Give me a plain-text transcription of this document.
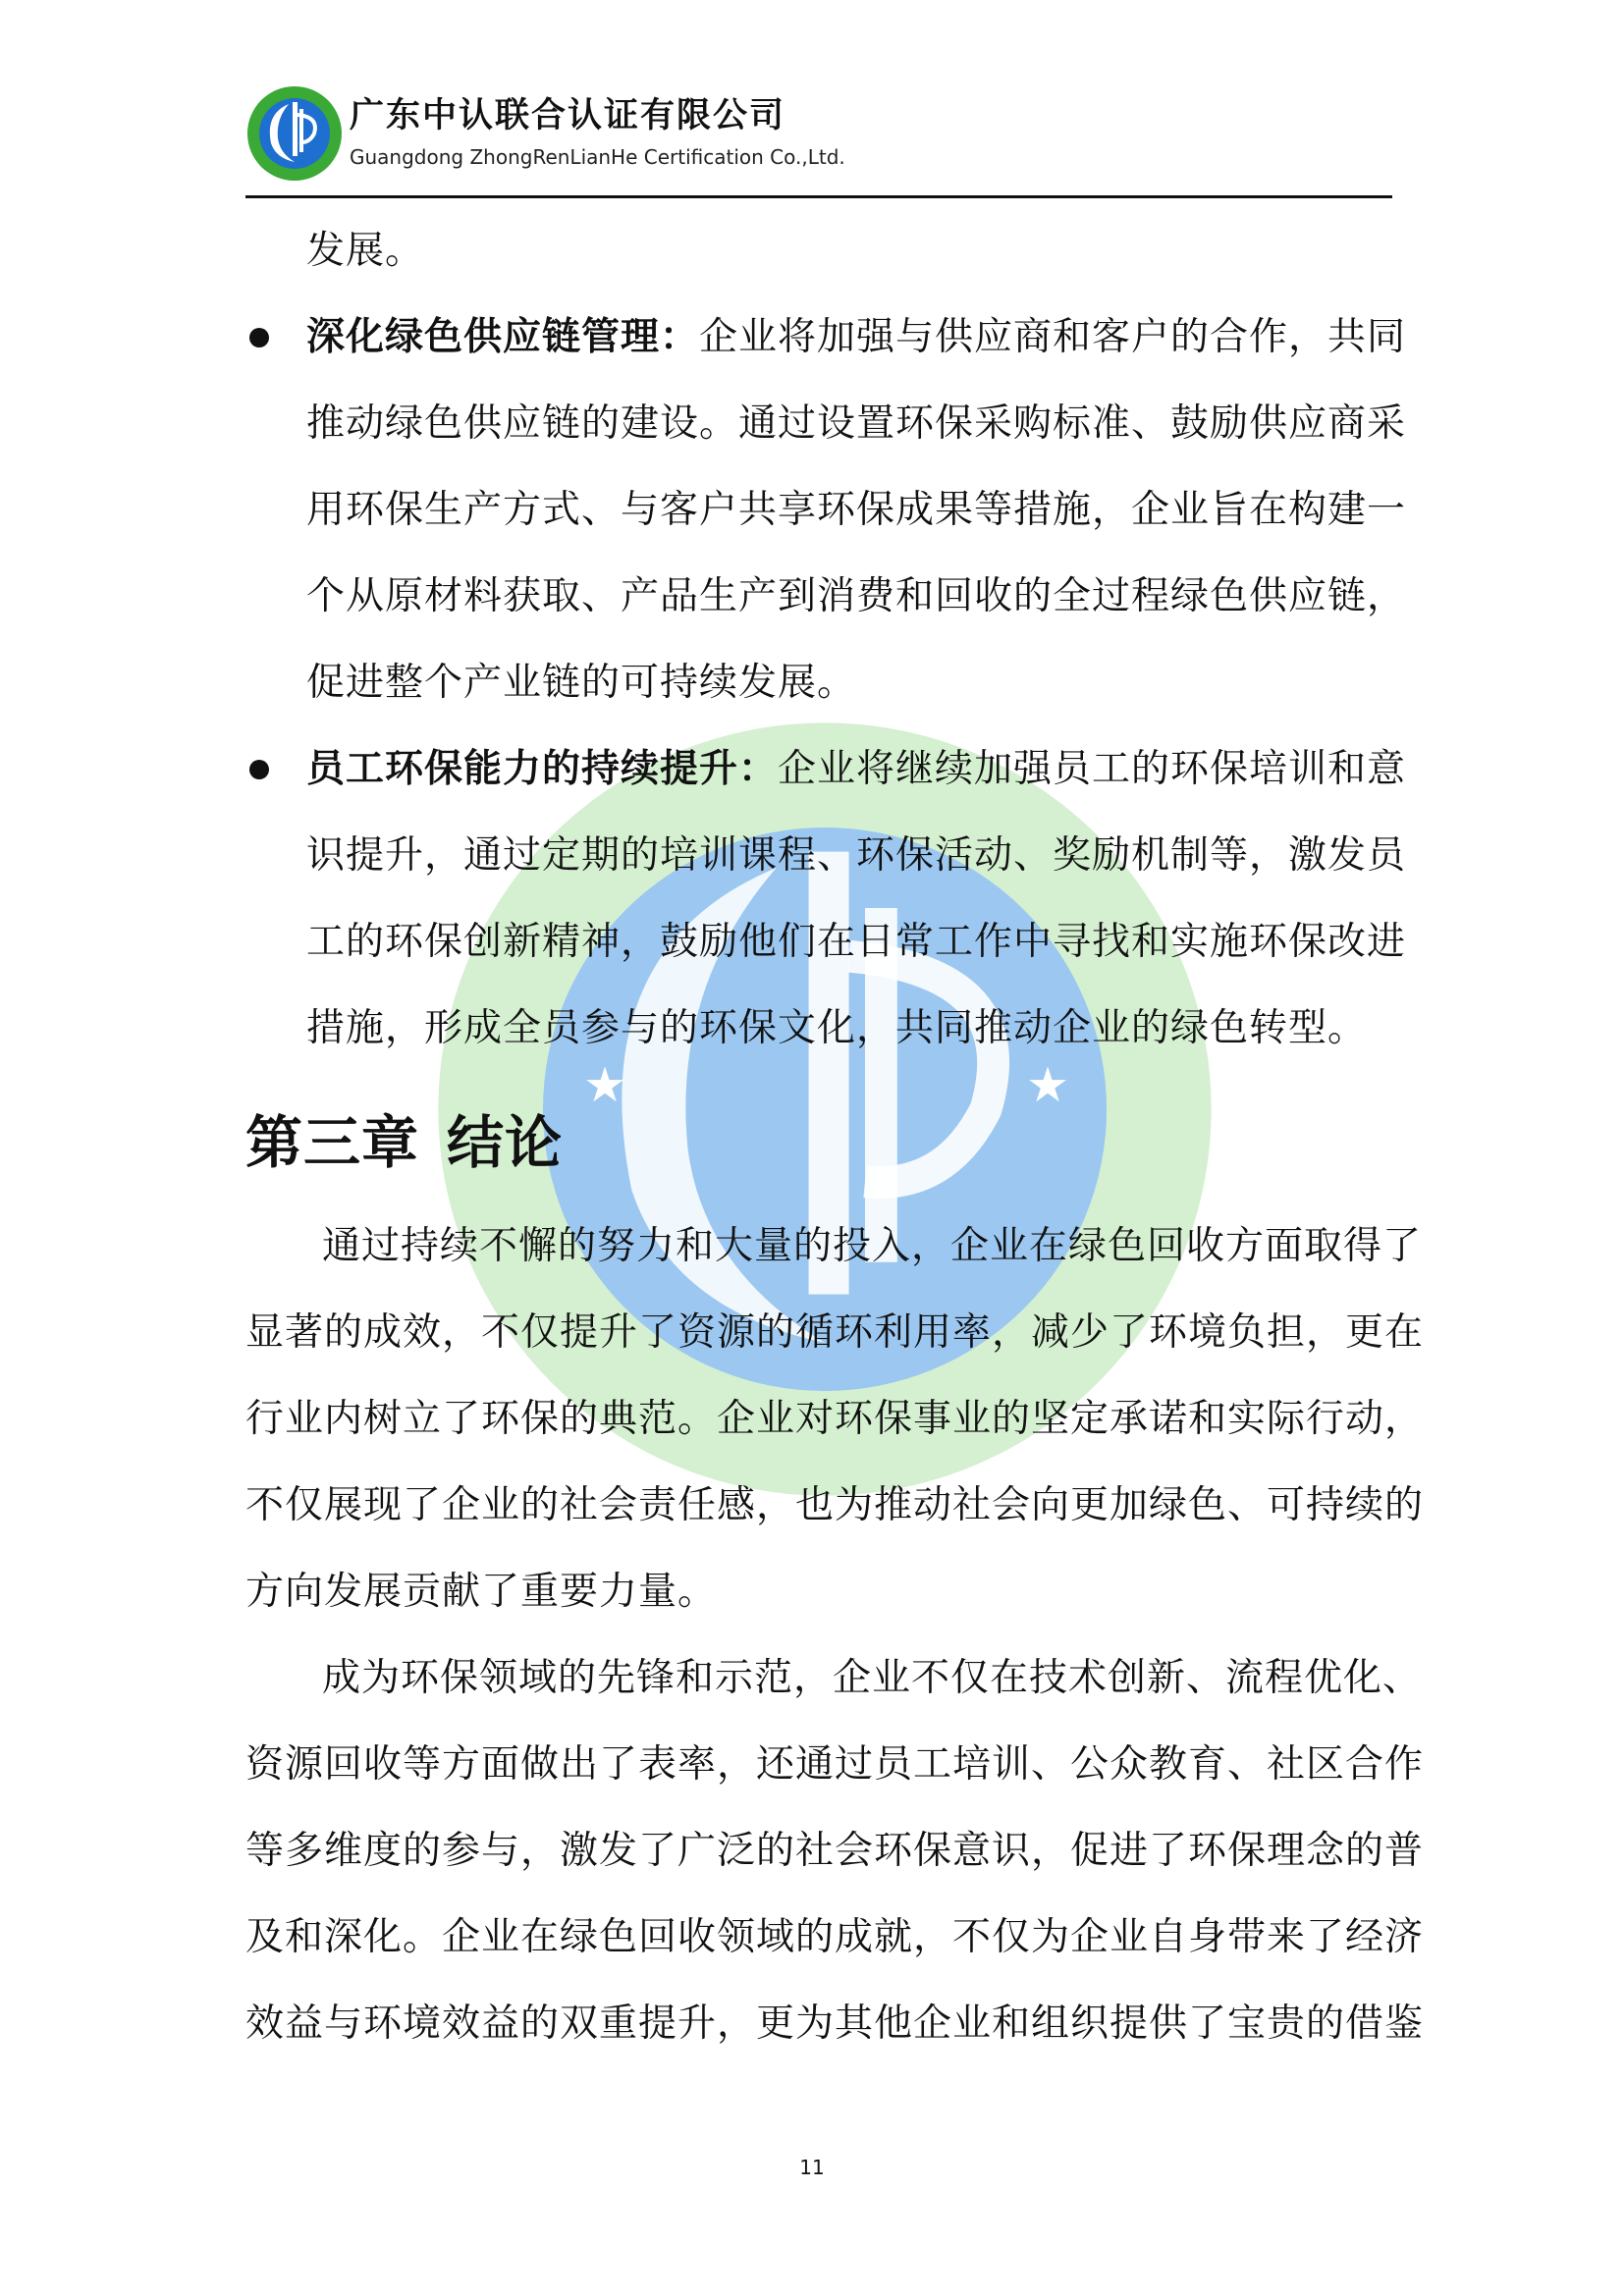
★	★
广东中认联合认证有限公司
Guangdong ZhongRenLianHe Certification Co.,Ltd.
发展。
深化绿色供应链管理：企业将加强与供应商和客户的合作，共同
推动绿色供应链的建设。通过设置环保采购标准、鼓励供应商采
用环保生产方式、与客户共享环保成果等措施，企业旨在构建一
个从原材料获取、产品生产到消费和回收的全过程绿色供应链，
促进整个产业链的可持续发展。
员工环保能力的持续提升：企业将继续加强员工的环保培训和意
识提升，通过定期的培训课程、环保活动、奖励机制等，激发员
工的环保创新精神，鼓励他们在日常工作中寻找和实施环保改进
措施，形成全员参与的环保文化，共同推动企业的绿色转型。
第三章 结论
通过持续不懈的努力和大量的投入，企业在绿色回收方面取得了
显著的成效，不仅提升了资源的循环利用率，减少了环境负担，更在
行业内树立了环保的典范。企业对环保事业的坚定承诺和实际行动，
不仅展现了企业的社会责任感，也为推动社会向更加绿色、可持续的
方向发展贡献了重要力量。
成为环保领域的先锋和示范，企业不仅在技术创新、流程优化、
资源回收等方面做出了表率，还通过员工培训、公众教育、社区合作
等多维度的参与，激发了广泛的社会环保意识，促进了环保理念的普
及和深化。企业在绿色回收领域的成就，不仅为企业自身带来了经济
效益与环境效益的双重提升，更为其他企业和组织提供了宝贵的借鉴
11
